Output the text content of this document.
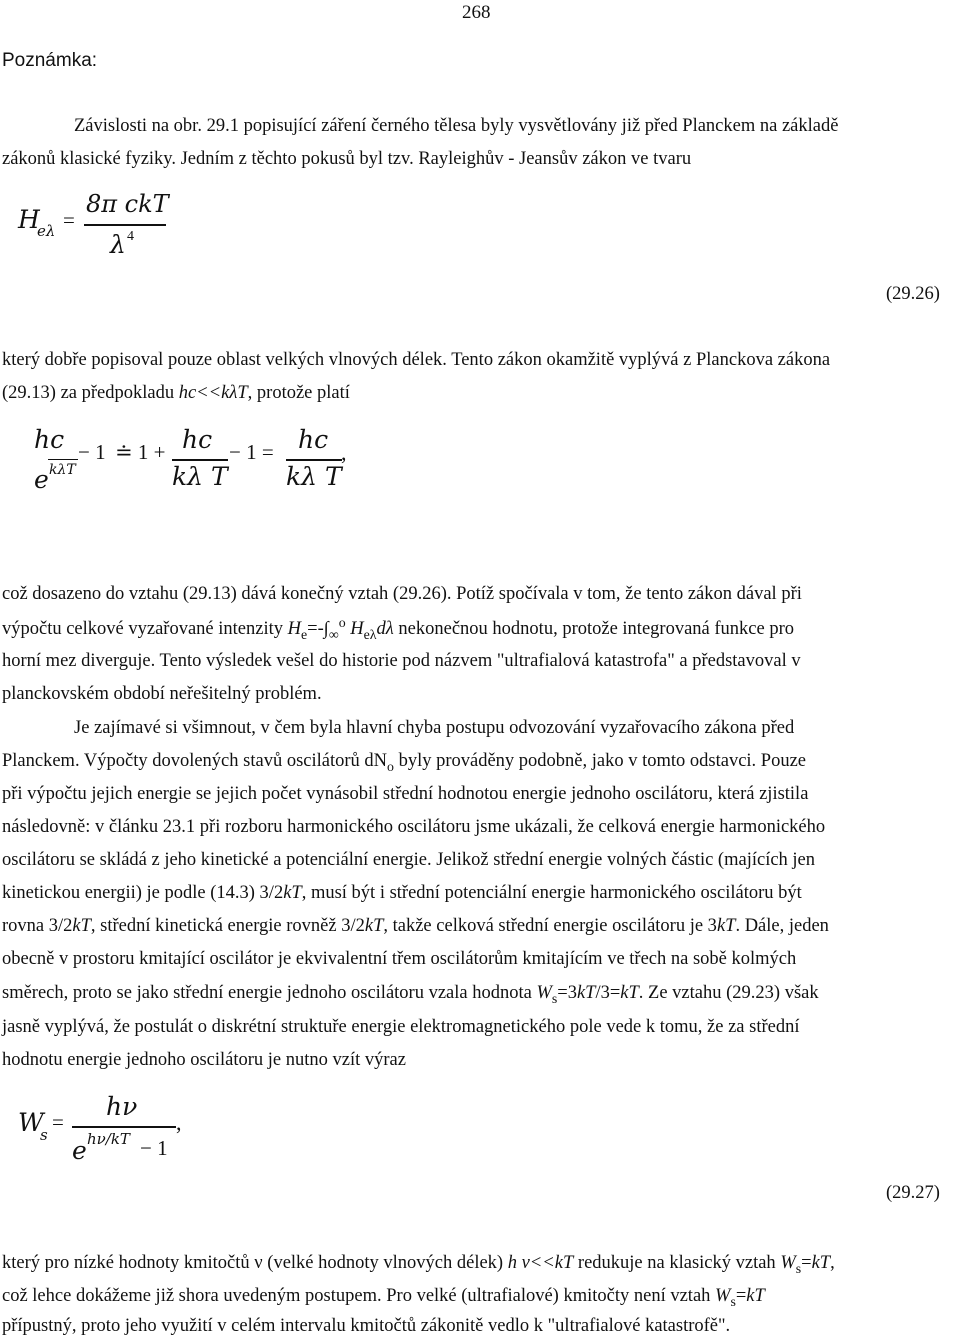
268
Poznámka:
Závislosti na obr. 29.1 popisující záření černého tělesa byly vysvětlovány již před Planckem na základě
zákonů klasické fyziky. Jedním z těchto pokusů byl tzv. Rayleighův - Jeansův zákon ve tvaru
H
eλ =
8π ckT
λ 4
(29.26)
který dobře popisoval pouze oblast velkých vlnových délek. Tento zákon okamžitě vyplývá z Planckova zákona
(29.13) za předpokladu hc<<kλT, protože platí
e
hc
kλT
− 1 ≐ 1 + hc
kλ T
− 1 = hc
kλ T
,
což dosazeno do vztahu (29.13) dává konečný vztah (29.26). Potíž spočívala v tom, že tento zákon dával při
výpočtu celkové vyzařované intenzity $H_e=-\int_\infty^o$ $H_{e\lambda}d\lambda$ nekonečnou hodnotu, protože integrovaná funkce pro
horní mez diverguje. Tento výsledek vešel do historie pod názvem "ultrafialová katastrofa" a představoval v
planckovském období neřešitelný problém.
Je zajímavé si všimnout, v čem byla hlavní chyba postupu odvozování vyzařovacího zákona před
Planckem. Výpočty dovolených stavů oscilátorů $dN_o$ byly prováděny podobně, jako v tomto odstavci. Pouze
při výpočtu jejich energie se jejich počet vynásobil střední hodnotou energie jednoho oscilátoru, která zjistila
následovně: v článku 23.1 při rozboru harmonického oscilátoru jsme ukázali, že celková energie harmonického
oscilátoru se skládá z jeho kinetické a potenciální energie. Jelikož střední energie volných částic (majících jen
kinetickou energii) je podle (14.3) 3/2kT, musí být i střední potenciální energie harmonického oscilátoru být
rovna 3/2kT, střední kinetická energie rovněž 3/2kT, takže celková střední energie oscilátoru je 3kT. Dále, jeden
obecně v prostoru kmitající oscilátor je ekvivalentní třem oscilátorům kmitajícím ve třech na sobě kolmých
směrech, proto se jako střední energie jednoho oscilátoru vzala hodnota $W_s=3kT/3=kT$. Ze vztahu (29.23) však
jasně vyplývá, že postulát o diskrétní struktuře energie elektromagnetického pole vede k tomu, že za střední
hodnotu energie jednoho oscilátoru je nutno vzít výraz
W
s
=
hν
e hν/kT − 1
,
(29.27)
který pro nízké hodnoty kmitočtů ν (velké hodnoty vlnových délek) h ν<<kT redukuje na klasický vztah $W_s=kT$,
což lehce dokážeme již shora uvedeným postupem. Pro velké (ultrafialové) kmitočty není vztah $W_s=kT$
přípustný, proto jeho využití v celém intervalu kmitočtů zákonitě vedlo k "ultrafialové katastrofě".
